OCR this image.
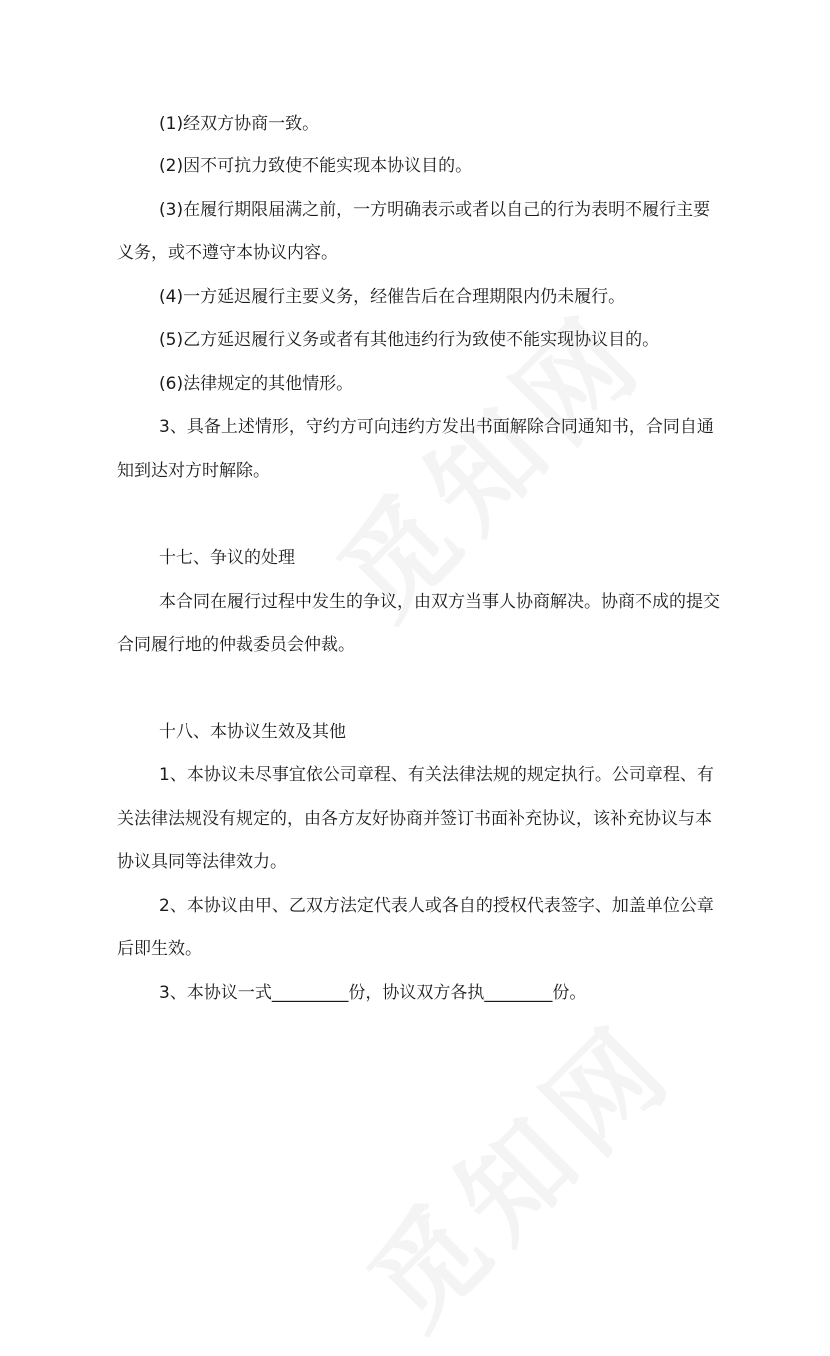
(1)经双方协商一致。

(2)因不可抗力致使不能实现本协议目的。

(3)在履行期限届满之前，一方明确表示或者以自己的行为表明不履行主要

义务，或不遵守本协议内容。

(4)一方延迟履行主要义务，经催告后在合理期限内仍未履行。

(5)乙方延迟履行义务或者有其他违约行为致使不能实现协议目的。

(6)法律规定的其他情形。

3、具备上述情形，守约方可向违约方发出书面解除合同通知书，合同自通

知到达对方时解除。

十七、争议的处理

本合同在履行过程中发生的争议，由双方当事人协商解决。协商不成的提交

合同履行地的仲裁委员会仲裁。

十八、本协议生效及其他

1、本协议未尽事宜依公司章程、有关法律法规的规定执行。公司章程、有

关法律法规没有规定的，由各方友好协商并签订书面补充协议，该补充协议与本

协议具同等法律效力。

2、本协议由甲、乙双方法定代表人或各自的授权代表签字、加盖单位公章

后即生效。

3、本协议一式_________份，协议双方各执________份。
